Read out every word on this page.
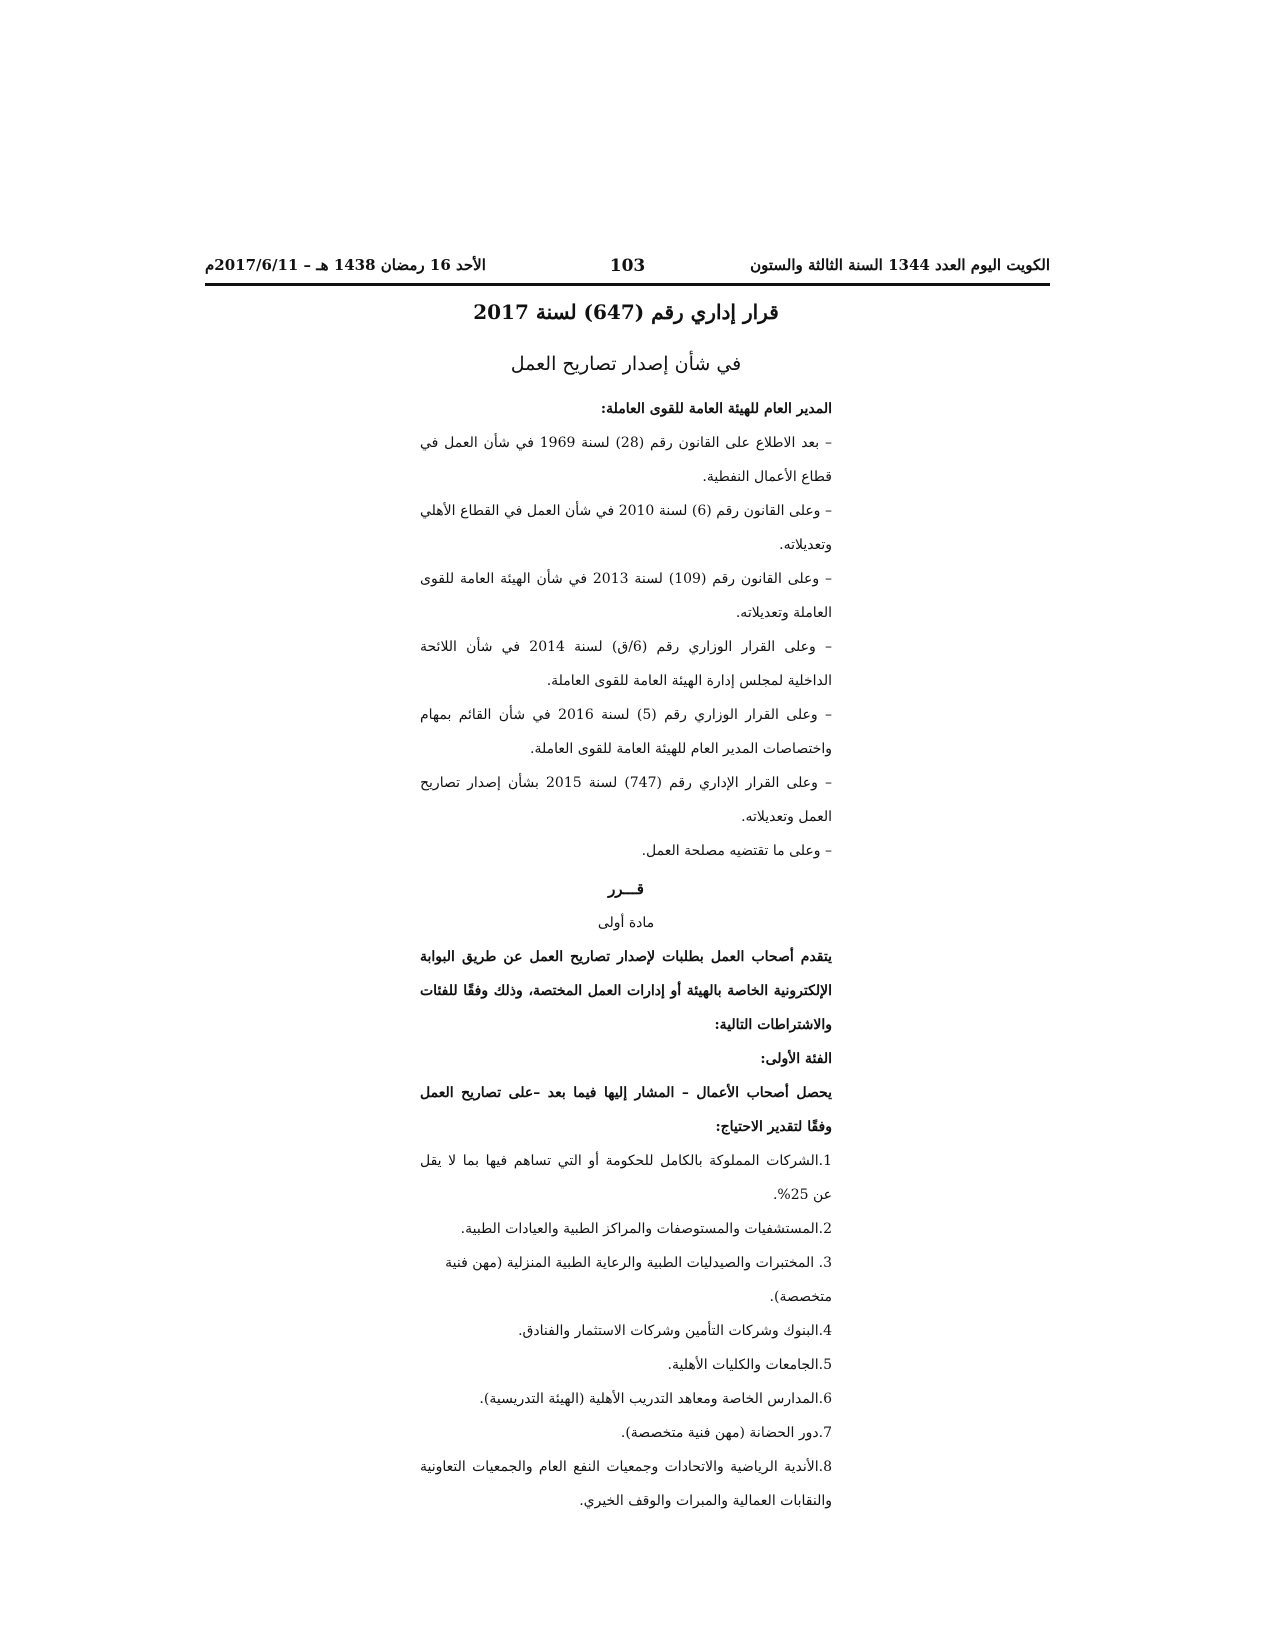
الكويت اليوم العدد 1344 السنة الثالثة والستون
103
الأحد 16 رمضان 1438 هـ – 2017/6/11م

قرار إداري رقم (647) لسنة 2017

في شأن إصدار تصاريح العمل

المدير العام للهيئة العامة للقوى العاملة:

– بعد الاطلاع على القانون رقم (28) لسنة 1969 في شأن العمل في قطاع الأعمال النفطية.

– وعلى القانون رقم (6) لسنة 2010 في شأن العمل في القطاع الأهلي وتعديلاته.

– وعلى القانون رقم (109) لسنة 2013 في شأن الهيئة العامة للقوى العاملة وتعديلاته.

– وعلى القرار الوزاري رقم (6/ق) لسنة 2014 في شأن اللائحة الداخلية لمجلس إدارة الهيئة العامة للقوى العاملة.

– وعلى القرار الوزاري رقم (5) لسنة 2016 في شأن القائم بمهام واختصاصات المدير العام للهيئة العامة للقوى العاملة.

– وعلى القرار الإداري رقم (747) لسنة 2015 بشأن إصدار تصاريح العمل وتعديلاته.

– وعلى ما تقتضيه مصلحة العمل.

قـــرر

مادة أولى

يتقدم أصحاب العمل بطلبات لإصدار تصاريح العمل عن طريق البوابة الإلكترونية الخاصة بالهيئة أو إدارات العمل المختصة، وذلك وفقًا للفئات والاشتراطات التالية:

الفئة الأولى:

يحصل أصحاب الأعمال – المشار إليها فيما بعد –على تصاريح العمل وفقًا لتقدير الاحتياج:

1.الشركات المملوكة بالكامل للحكومة أو التي تساهم فيها بما لا يقل عن 25%.

2.المستشفيات والمستوصفات والمراكز الطبية والعيادات الطبية.

3. المختبرات والصيدليات الطبية والرعاية الطبية المنزلية (مهن فنية متخصصة).

4.البنوك وشركات التأمين وشركات الاستثمار والفنادق.

5.الجامعات والكليات الأهلية.

6.المدارس الخاصة ومعاهد التدريب الأهلية (الهيئة التدريسية).

7.دور الحضانة (مهن فنية متخصصة).

8.الأندية الرياضية والاتحادات وجمعيات النفع العام والجمعيات التعاونية والنقابات العمالية والمبرات والوقف الخيري.
